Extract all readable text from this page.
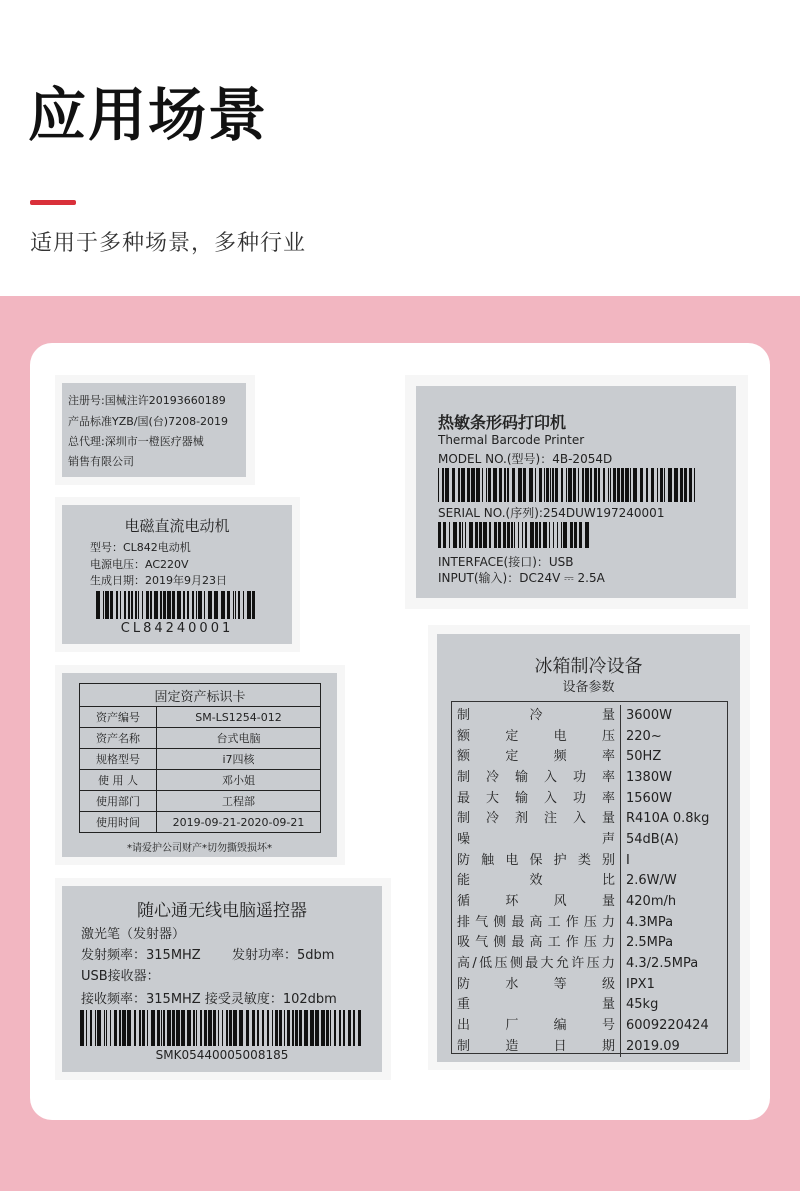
应用场景
适用于多种场景，多种行业
注册号:国械注许20193660189
产品标准YZB/国(台)7208-2019
总代理:深圳市一橙医疗器械
销售有限公司
电磁直流电动机
型号：CL842电动机
电源电压：AC220V
生成日期：2019年9月23日
CL84240001
固定资产标识卡	
资产编号	SM-LS1254-012
资产名称	台式电脑
规格型号	i7四核
使 用 人	邓小姐
使用部门	工程部
使用时间	2019-09-21-2020-09-21
*请爱护公司财产*切勿撕毁损坏*
随心通无线电脑遥控器
激光笔（发射器）
发射频率：315MHZ 发射功率：5dbm
USB接收器：
接收频率：315MHZ 接受灵敏度：102dbm
SMK05440005008185
热敏条形码打印机
Thermal Barcode Printer
MODEL NO.(型号)：4B-2054D
SERIAL NO.(序列):254DUW197240001
INTERFACE(接口)：USB
INPUT(输入)：DC24V ⎓ 2.5A
冰箱制冷设备
设备参数
制冷量	3600W
额定电压	220~
额定频率	50HZ
制冷输入功率	1380W
最大输入功率	1560W
制冷剂注入量	R410A 0.8kg
噪声	54dB(A)
防触电保护类别	I
能效比	2.6W/W
循环风量	420m/h
排气侧最高工作压力	4.3MPa
吸气侧最高工作压力	2.5MPa
高/低压侧最大允许压力	4.3/2.5MPa
防水等级	IPX1
重量	45kg
出厂编号	6009220424
制造日期	2019.09
